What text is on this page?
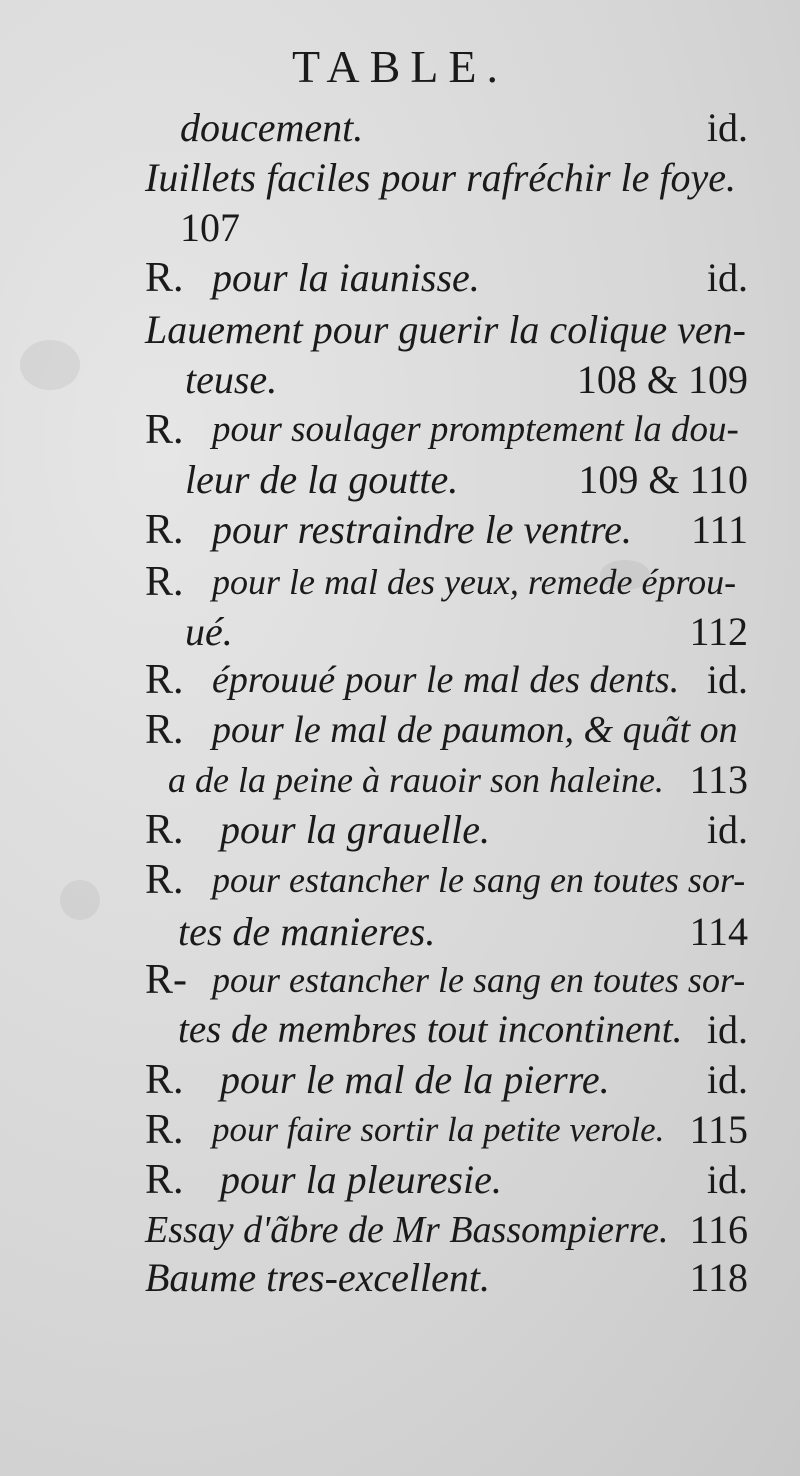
TABLE.
doucement.	id.
Iuillets faciles pour rafréchir le foye.
107
R. pour la iaunisse.	id.
Lauement pour guerir la colique ven-
teuse.	108 & 109
R. pour soulager promptement la dou-
leur de la goutte.	109 & 110
R. pour restraindre le ventre. 111
R. pour le mal des yeux, remede éprou-
ué.	112
R. éprouué pour le mal des dents. id.
R. pour le mal de paumon, & quãt on
a de la peine à rauoir son haleine. 113
R. pour la grauelle.	id.
R. pour estancher le sang en toutes sor-
tes de manieres.	114
R- pour estancher le sang en toutes sor-
tes de membres tout incontinent. id.
R. pour le mal de la pierre. id.
R. pour faire sortir la petite verole. 115
R. pour la pleuresie.	id.
Essay d'ãbre de Mr Bassompierre. 116
Baume tres-excellent.	118
